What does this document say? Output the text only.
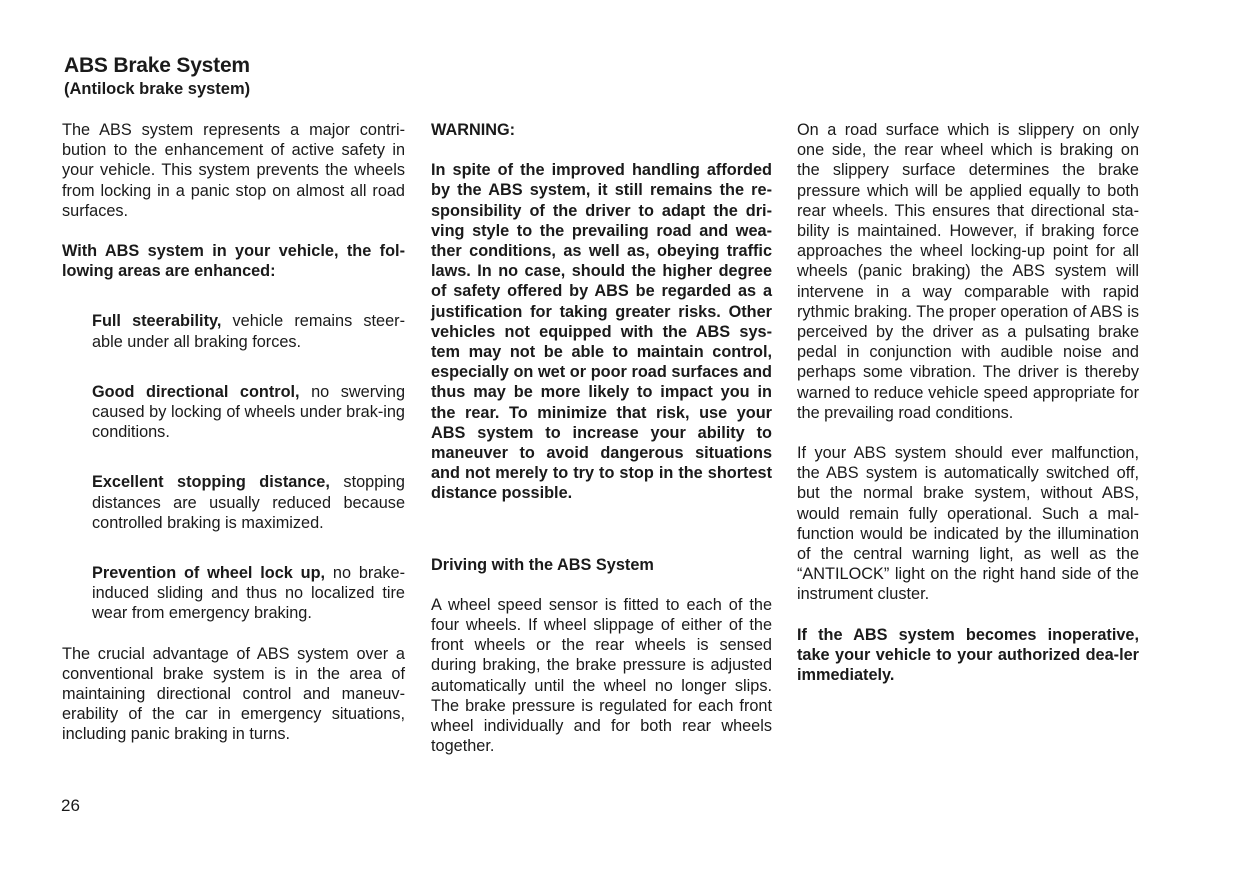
ABS Brake System
(Antilock brake system)

The ABS system represents a major contri-bution to the enhancement of active safety in your vehicle. This system prevents the wheels from locking in a panic stop on almost all road surfaces.

With ABS system in your vehicle, the fol-lowing areas are enhanced:

Full steerability, vehicle remains steer-able under all braking forces.

Good directional control, no swerving caused by locking of wheels under brak-ing conditions.

Excellent stopping distance, stopping distances are usually reduced because controlled braking is maximized.

Prevention of wheel lock up, no brake-induced sliding and thus no localized tire wear from emergency braking.

The crucial advantage of ABS system over a conventional brake system is in the area of maintaining directional control and maneuv-erability of the car in emergency situations, including panic braking in turns.

WARNING:

In spite of the improved handling afforded by the ABS system, it still remains the re-sponsibility of the driver to adapt the dri-ving style to the prevailing road and wea-ther conditions, as well as, obeying traffic laws. In no case, should the higher degree of safety offered by ABS be regarded as a justification for taking greater risks. Other vehicles not equipped with the ABS sys-tem may not be able to maintain control, especially on wet or poor road surfaces and thus may be more likely to impact you in the rear. To minimize that risk, use your ABS system to increase your ability to maneuver to avoid dangerous situations and not merely to try to stop in the shortest distance possible.

Driving with the ABS System

A wheel speed sensor is fitted to each of the four wheels. If wheel slippage of either of the front wheels or the rear wheels is sensed during braking, the brake pressure is adjusted automatically until the wheel no longer slips. The brake pressure is regulated for each front wheel individually and for both rear wheels together.

On a road surface which is slippery on only one side, the rear wheel which is braking on the slippery surface determines the brake pressure which will be applied equally to both rear wheels. This ensures that directional sta-bility is maintained. However, if braking force approaches the wheel locking-up point for all wheels (panic braking) the ABS system will intervene in a way comparable with rapid rythmic braking. The proper operation of ABS is perceived by the driver as a pulsating brake pedal in conjunction with audible noise and perhaps some vibration. The driver is thereby warned to reduce vehicle speed appropriate for the prevailing road conditions.

If your ABS system should ever malfunction, the ABS system is automatically switched off, but the normal brake system, without ABS, would remain fully operational. Such a mal-function would be indicated by the illumination of the central warning light, as well as the “ANTILOCK” light on the right hand side of the instrument cluster.

If the ABS system becomes inoperative, take your vehicle to your authorized dea-ler immediately.

26
